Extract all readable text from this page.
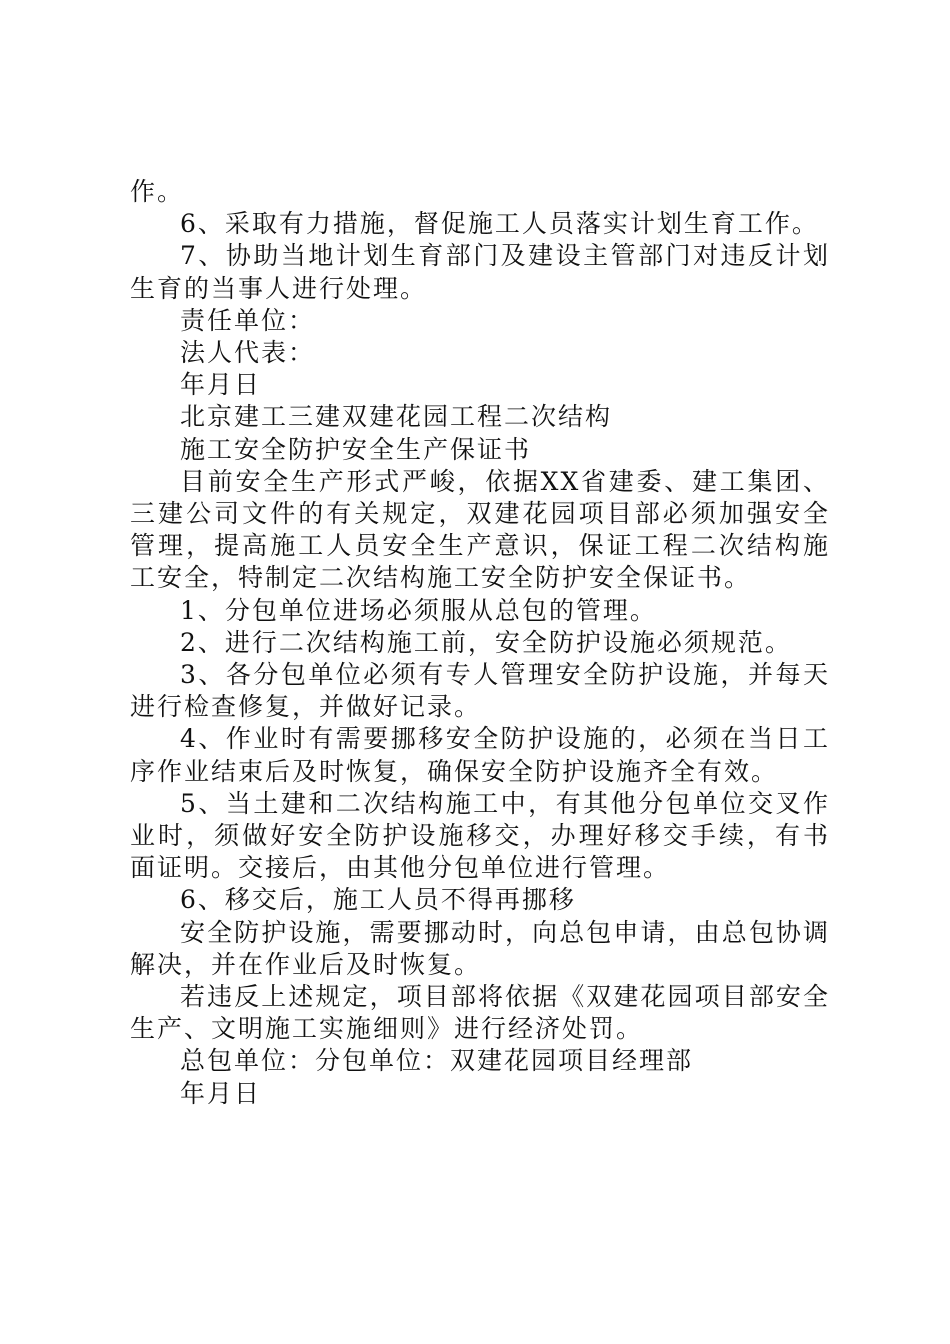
作。

6、采取有力措施，督促施工人员落实计划生育工作。

7、协助当地计划生育部门及建设主管部门对违反计划生育的当事人进行处理。

责任单位：

法人代表：

年月日

北京建工三建双建花园工程二次结构

施工安全防护安全生产保证书

目前安全生产形式严峻，依据XX省建委、建工集团、三建公司文件的有关规定，双建花园项目部必须加强安全管理，提高施工人员安全生产意识，保证工程二次结构施工安全，特制定二次结构施工安全防护安全保证书。

1、分包单位进场必须服从总包的管理。

2、进行二次结构施工前，安全防护设施必须规范。

3、各分包单位必须有专人管理安全防护设施，并每天进行检查修复，并做好记录。

4、作业时有需要挪移安全防护设施的，必须在当日工序作业结束后及时恢复，确保安全防护设施齐全有效。

5、当土建和二次结构施工中，有其他分包单位交叉作业时，须做好安全防护设施移交，办理好移交手续，有书面证明。交接后，由其他分包单位进行管理。

6、移交后，施工人员不得再挪移

安全防护设施，需要挪动时，向总包申请，由总包协调解决，并在作业后及时恢复。

若违反上述规定，项目部将依据《双建花园项目部安全生产、文明施工实施细则》进行经济处罚。

总包单位：分包单位：双建花园项目经理部

年月日
